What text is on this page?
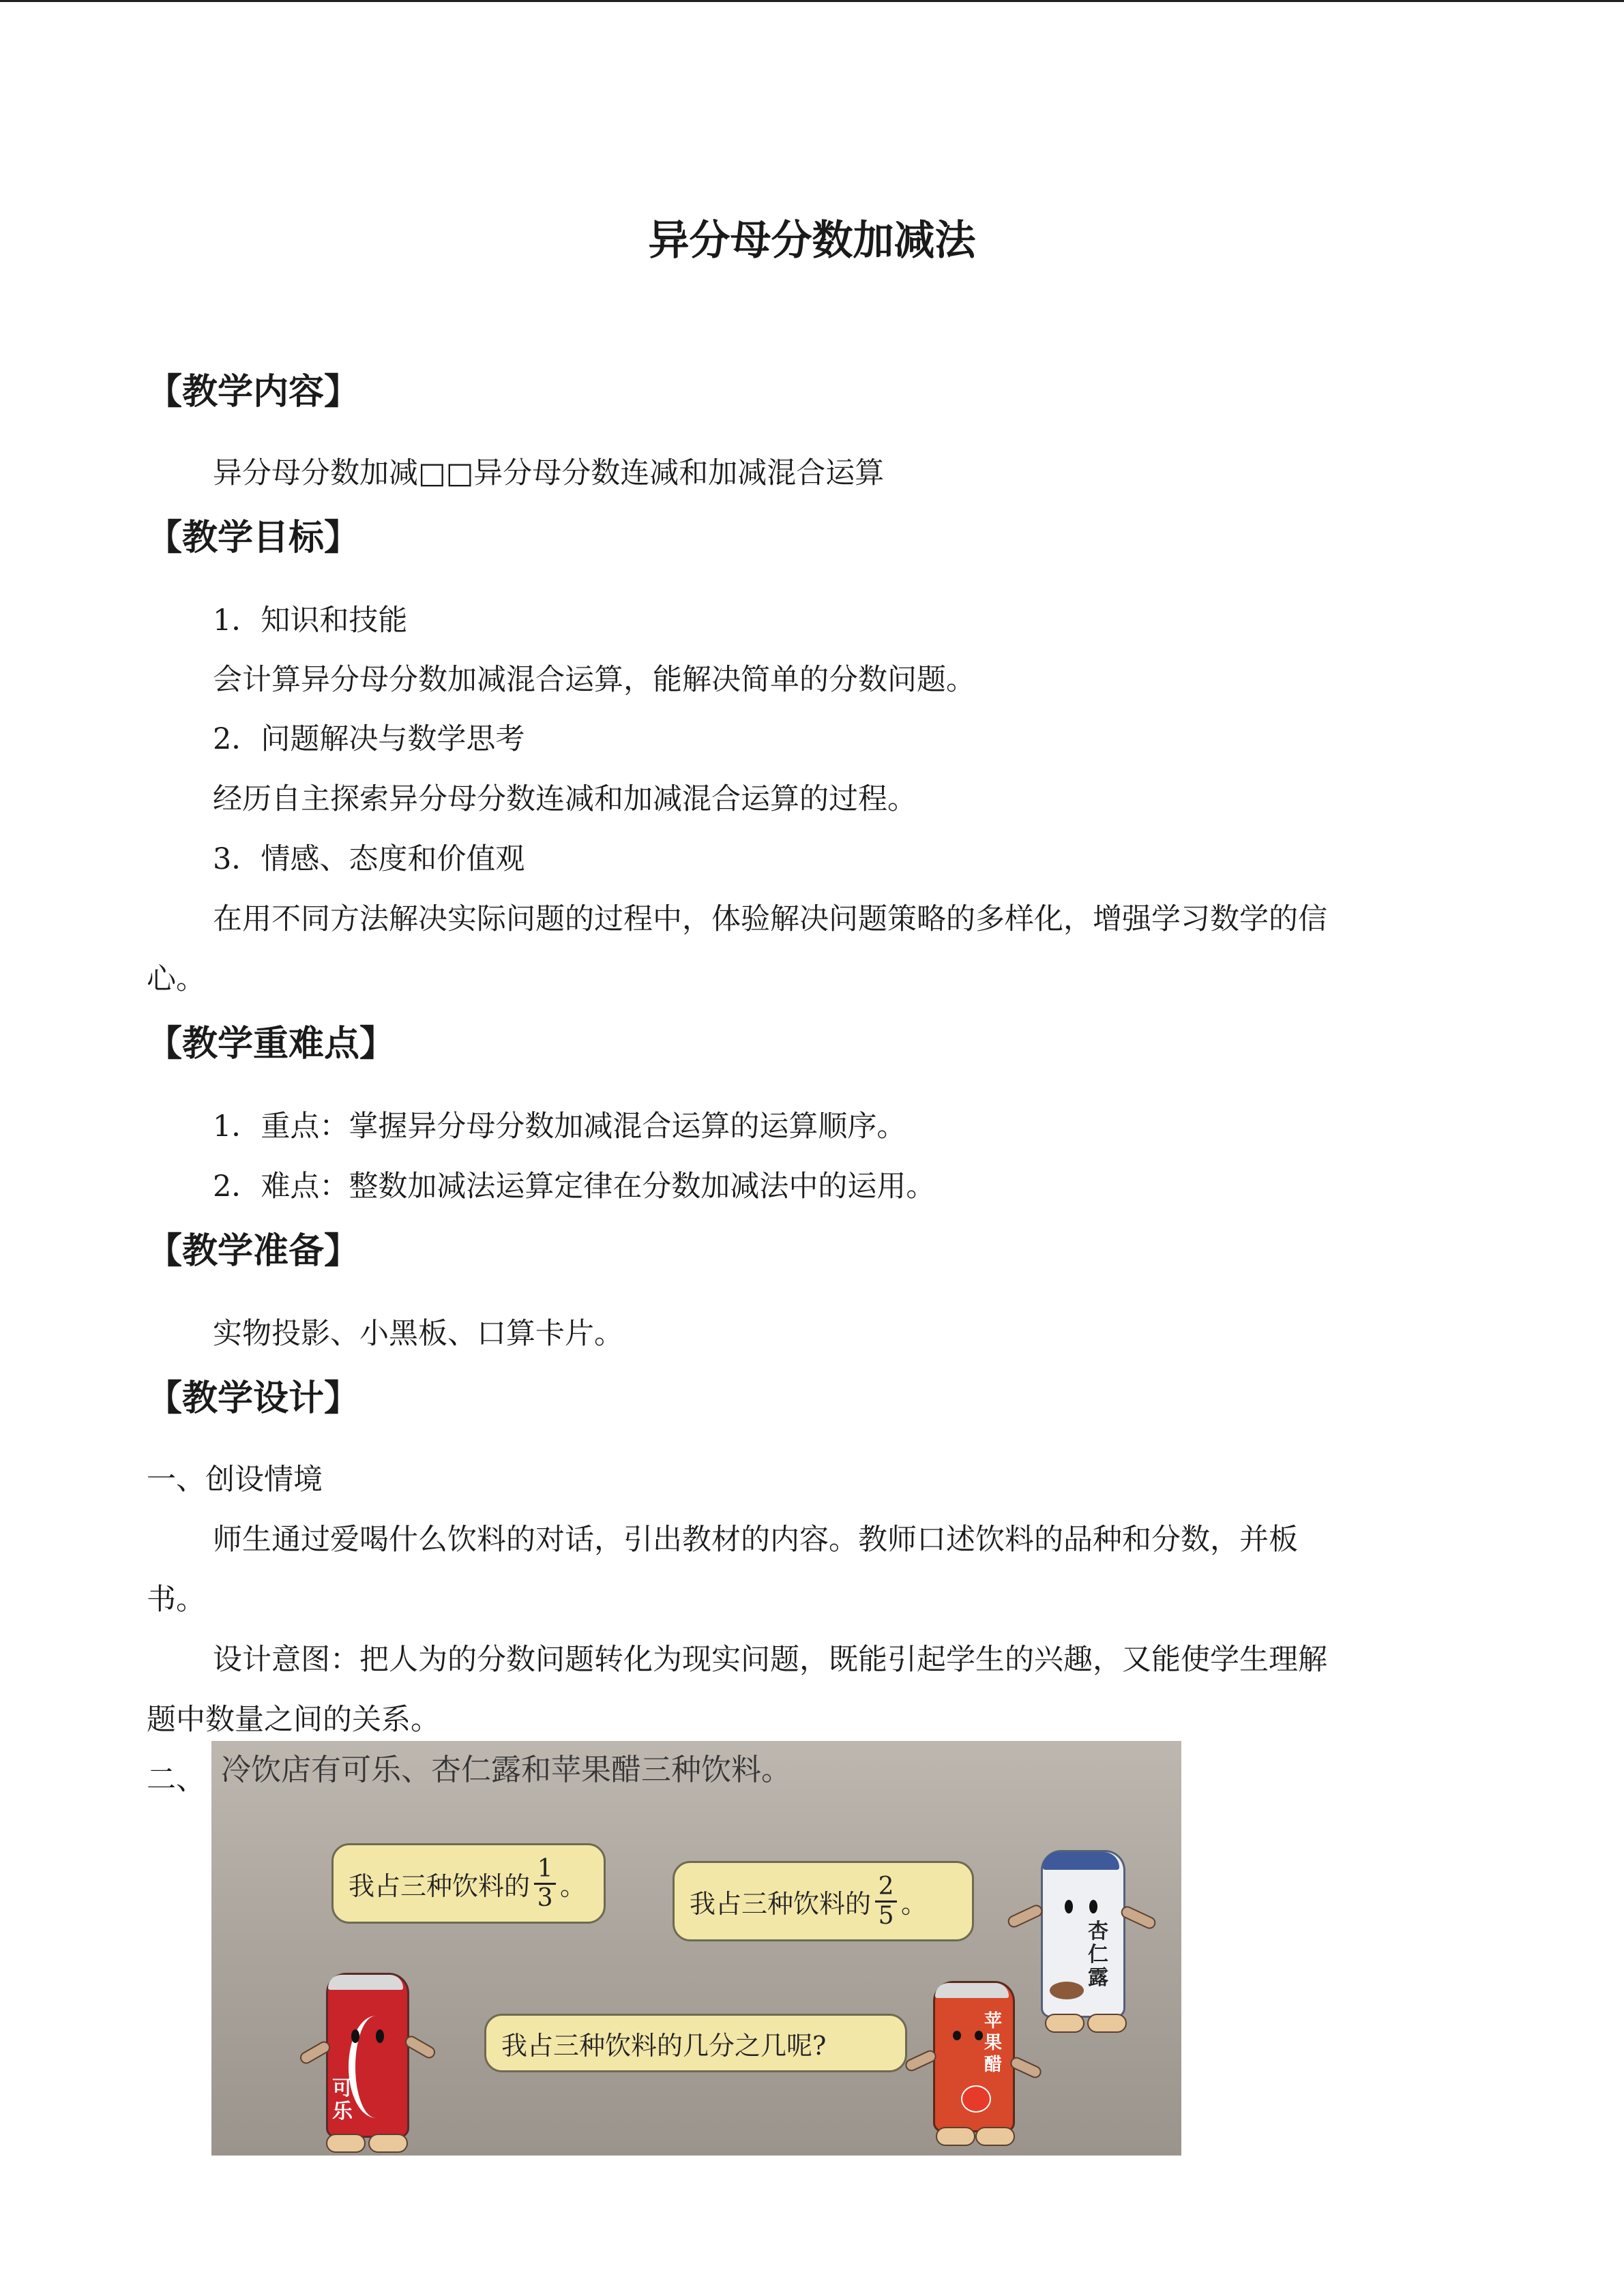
异分母分数加减法
【教学内容】
异分母分数加减□□异分母分数连减和加减混合运算
【教学目标】
1．知识和技能
会计算异分母分数加减混合运算，能解决简单的分数问题。
2．问题解决与数学思考
经历自主探索异分母分数连减和加减混合运算的过程。
3．情感、态度和价值观
在用不同方法解决实际问题的过程中，体验解决问题策略的多样化，增强学习数学的信
心。
【教学重难点】
1．重点：掌握异分母分数加减混合运算的运算顺序。
2．难点：整数加减法运算定律在分数加减法中的运用。
【教学准备】
实物投影、小黑板、口算卡片。
【教学设计】
一、创设情境
师生通过爱喝什么饮料的对话，引出教材的内容。教师口述饮料的品种和分数，并板
书。
设计意图：把人为的分数问题转化为现实问题，既能引起学生的兴趣，又能使学生理解
题中数量之间的关系。
二、 冷饮店有可乐、杏仁露和苹果醋三种饮料。
我占三种饮料的 $\frac{1}{3}$ 。
我占三种饮料的 $\frac{2}{5}$ 。
我占三种饮料的几分之几呢?
可乐
杏仁露
苹果醋
